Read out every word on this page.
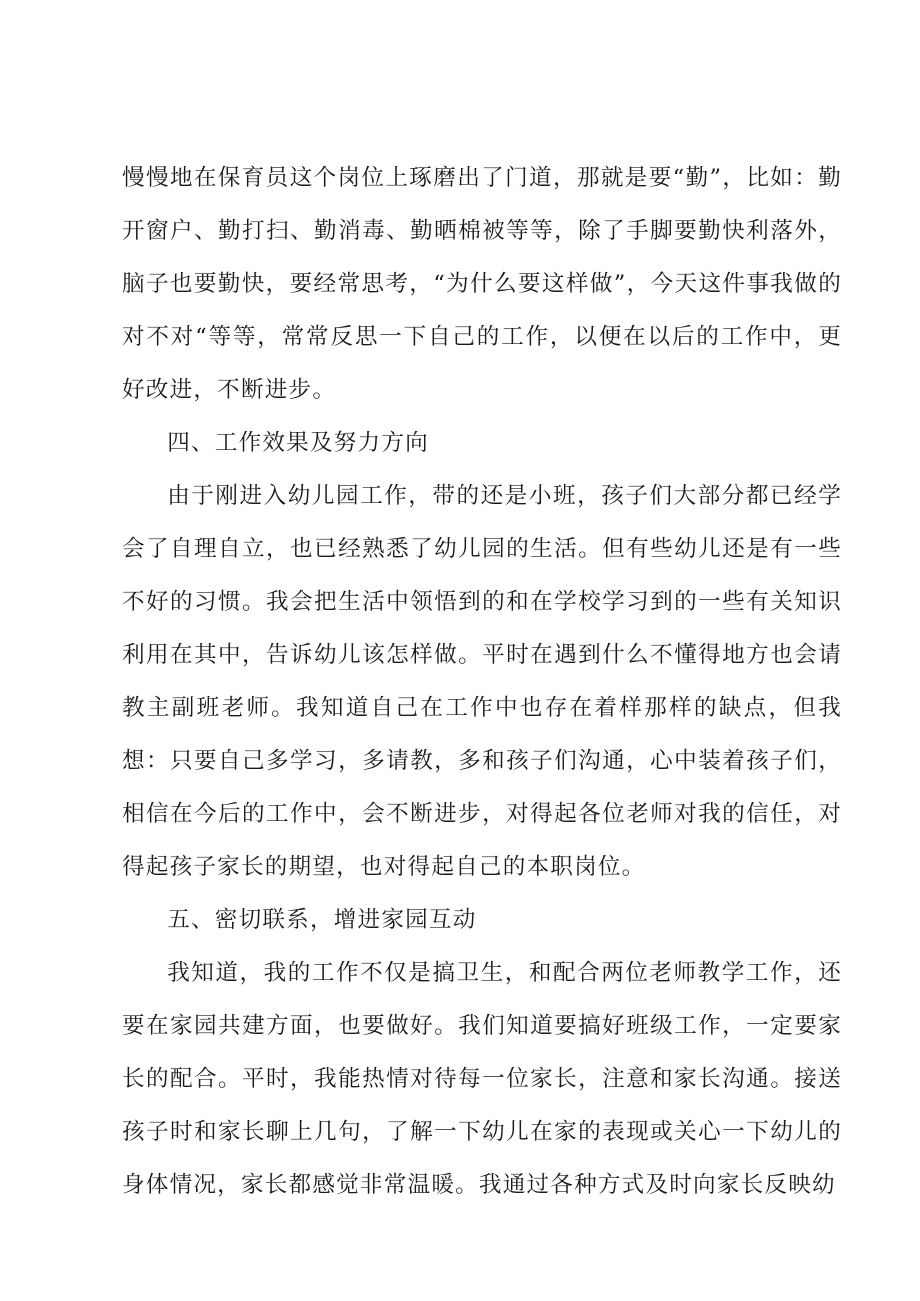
慢慢地在保育员这个岗位上琢磨出了门道，那就是要“勤”，比如：勤开窗户、勤打扫、勤消毒、勤晒棉被等等，除了手脚要勤快利落外，脑子也要勤快，要经常思考，“为什么要这样做”，今天这件事我做的对不对“等等，常常反思一下自己的工作，以便在以后的工作中，更好改进，不断进步。

四、工作效果及努力方向

由于刚进入幼儿园工作，带的还是小班，孩子们大部分都已经学会了自理自立，也已经熟悉了幼儿园的生活。但有些幼儿还是有一些不好的习惯。我会把生活中领悟到的和在学校学习到的一些有关知识利用在其中，告诉幼儿该怎样做。平时在遇到什么不懂得地方也会请教主副班老师。我知道自己在工作中也存在着样那样的缺点，但我想：只要自己多学习，多请教，多和孩子们沟通，心中装着孩子们，相信在今后的工作中，会不断进步，对得起各位老师对我的信任，对得起孩子家长的期望，也对得起自己的本职岗位。

五、密切联系，增进家园互动

我知道，我的工作不仅是搞卫生，和配合两位老师教学工作，还要在家园共建方面，也要做好。我们知道要搞好班级工作，一定要家长的配合。平时，我能热情对待每一位家长，注意和家长沟通。接送孩子时和家长聊上几句，了解一下幼儿在家的表现或关心一下幼儿的身体情况，家长都感觉非常温暖。我通过各种方式及时向家长反映幼
